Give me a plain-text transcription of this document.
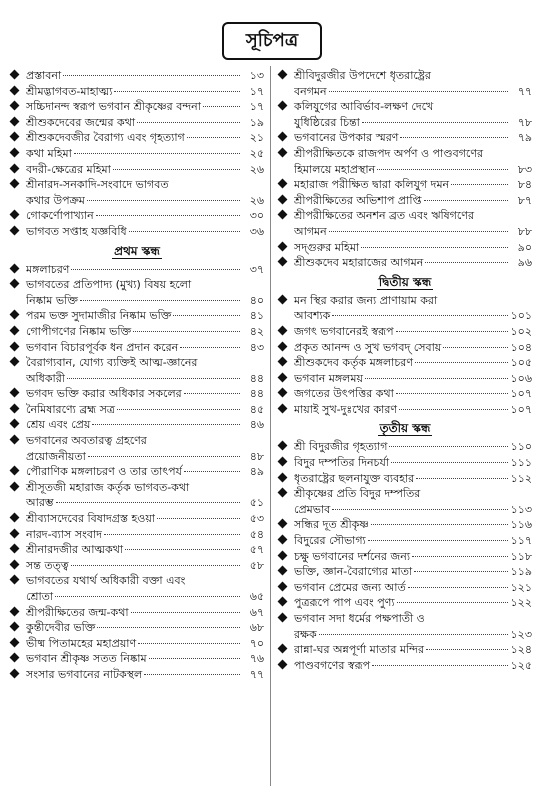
সূচিপত্র
প্রস্তাবনা	১৩
শ্রীমদ্ভাগবত-মাহাত্ম্য	১৭
সচ্চিদানন্দ স্বরূপ ভগবান শ্রীকৃষ্ণের বন্দনা	১৭
শ্রীশুকদেবের জন্মের কথা	১৯
শ্রীশুকদেবজীর বৈরাগ্য এবং গৃহত্যাগ	২১
কথা মহিমা	২৫
বদরী-ক্ষেত্রের মহিমা	২৬
শ্রীনারদ-সনকাদি-সংবাদে ভাগবত
কথার উপক্রম	২৬
গোকর্ণোপাখ্যান	৩০
ভাগবত সপ্তাহ যজ্ঞবিধি	৩৬
প্রথম স্কন্ধ
মঙ্গলাচরণ	৩৭
ভাগবতের প্রতিপাদ্য (মুখ্য) বিষয় হলো
নিষ্কাম ভক্তি	৪০
পরম ভক্ত সুদামাজীর নিষ্কাম ভক্তি	৪১
গোপীগণের নিষ্কাম ভক্তি	৪২
ভগবান বিচারপূর্বক ধন প্রদান করেন	৪৩
বৈরাগ্যবান, যোগ্য ব্যক্তিই আত্ম-জ্ঞানের
অধিকারী	৪৪
ভগবদ ভক্তি করার অধিকার সকলের	৪৪
নৈমিষারণ্যে ব্রহ্ম সত্র	৪৫
শ্রেয় এবং প্রেয়	৪৬
ভগবানের অবতারত্ব গ্রহণের
প্রয়োজনীয়তা	৪৮
পৌরাণিক মঙ্গলাচরণ ও তার তাৎপর্য	৪৯
শ্রীসূতজী মহারাজ কর্তৃক ভাগবত-কথা
আরম্ভ	৫১
শ্রীব্যাসদেবের বিষাদগ্রস্ত হওয়া	৫৩
নারদ-ব্যাস সংবাদ	৫৪
শ্রীনারদজীর আত্মকথা	৫৭
সন্ত তত্ত্ব	৫৮
ভাগবতের যথার্থ অধিকারী বক্তা এবং
শ্রোতা	৬৫
শ্রীপরীক্ষিতের জন্ম-কথা	৬৭
কুন্তীদেবীর ভক্তি	৬৮
ভীষ্ম পিতামহের মহাপ্রয়াণ	৭০
ভগবান শ্রীকৃষ্ণ সতত নিষ্কাম	৭৬
সংসার ভগবানের নাটকস্থল	৭৭
শ্রীবিদুরজীর উপদেশে ধৃতরাষ্ট্রের
বনগমন	৭৭
কলিযুগের আবির্ভাব-লক্ষণ দেখে
যুধিষ্ঠিরের চিন্তা	৭৮
ভগবানের উপকার স্মরণ	৭৯
শ্রীপরীক্ষিতকে রাজপদ অর্পণ ও পাণ্ডবগণের
হিমালয়ে মহাপ্রস্থান	৮৩
মহারাজ পরীক্ষিত দ্বারা কলিযুগ দমন	৮৪
শ্রীপরীক্ষিতের অভিশাপ প্রাপ্তি	৮৭
শ্রীপরীক্ষিতের অনশন ব্রত এবং ঋষিগণের
আগমন	৮৮
সদ্গুরুর মহিমা	৯০
শ্রীশুকদেব মহারাজের আগমন	৯৬
দ্বিতীয় স্কন্ধ
মন স্থির করার জন্য প্রাণায়াম করা
আবশ্যক	১০১
জগৎ ভগবানেরই স্বরূপ	১০২
প্রকৃত আনন্দ ও সুখ ভগবদ্ সেবায়	১০৪
শ্রীশুকদেব কর্তৃক মঙ্গলাচরণ	১০৫
ভগবান মঙ্গলময়	১০৬
জগতের উৎপত্তির কথা	১০৭
মায়াই সুখ-দুঃখের কারণ	১০৭
তৃতীয় স্কন্ধ
শ্রী বিদুরজীর গৃহত্যাগ	১১০
বিদুর দম্পতির দিনচর্যা	১১১
ধৃতরাষ্ট্রের ছলনাযুক্ত ব্যবহার	১১২
শ্রীকৃষ্ণের প্রতি বিদুর দম্পতির
প্রেমভাব	১১৩
সন্ধির দূত শ্রীকৃষ্ণ	১১৬
বিদুরের সৌভাগ্য	১১৭
চক্ষু ভগবানের দর্শনের জন্য	১১৮
ভক্তি, জ্ঞান-বৈরাগ্যের মাতা	১১৯
ভগবান প্রেমের জন্য আর্ত	১২১
পুত্ররূপে পাপ এবং পুণ্য	১২২
ভগবান সদা ধর্মের পক্ষপাতী ও
রক্ষক	১২৩
রান্না-ঘর অন্নপূর্ণা মাতার মন্দির	১২৪
পাণ্ডবগণের স্বরূপ	১২৫
